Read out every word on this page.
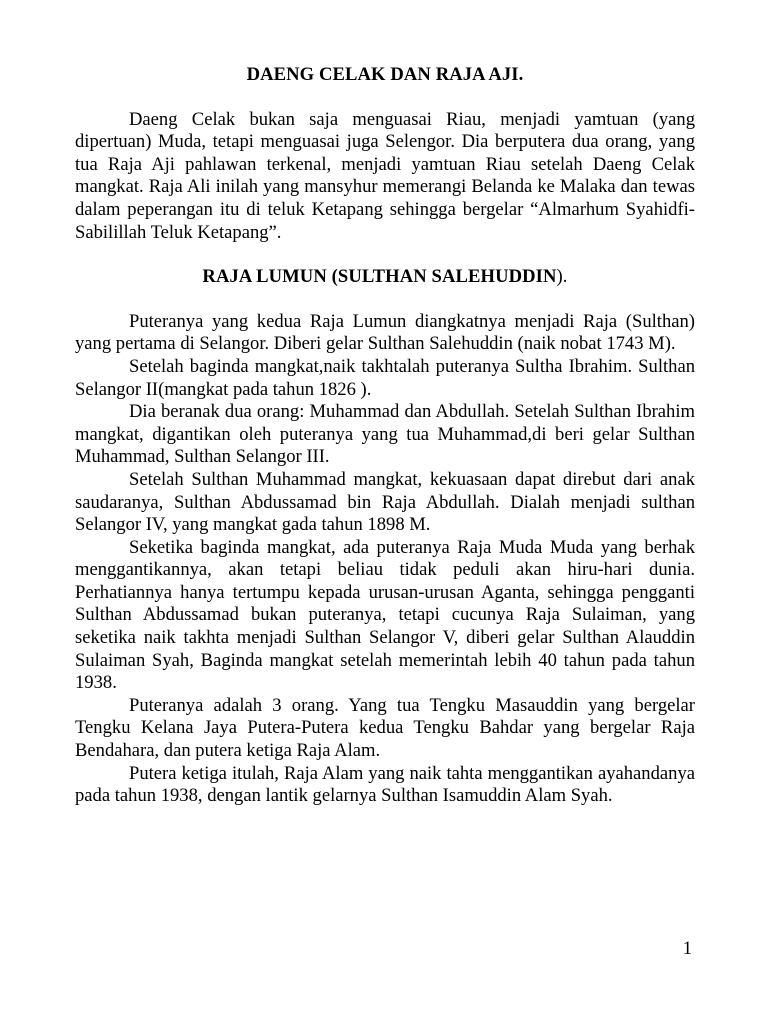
DAENG CELAK DAN RAJA AJI.

Daeng Celak bukan saja menguasai Riau, menjadi yamtuan (yang dipertuan) Muda, tetapi menguasai juga Selengor. Dia berputera dua orang, yang tua Raja Aji pahlawan terkenal, menjadi yamtuan Riau setelah Daeng Celak mangkat. Raja Ali inilah yang mansyhur memerangi Belanda ke Malaka dan tewas dalam peperangan itu di teluk Ketapang sehingga bergelar “Almarhum Syahidfi-Sabilillah Teluk Ketapang”.

RAJA LUMUN (SULTHAN SALEHUDDIN).

Puteranya yang kedua Raja Lumun diangkatnya menjadi Raja (Sulthan) yang pertama di Selangor. Diberi gelar Sulthan Salehuddin (naik nobat 1743 M).

Setelah baginda mangkat,naik takhtalah puteranya Sultha Ibrahim. Sulthan Selangor II(mangkat pada tahun 1826 ).

Dia beranak dua orang: Muhammad dan Abdullah. Setelah Sulthan Ibrahim mangkat, digantikan oleh puteranya yang tua Muhammad,di beri gelar Sulthan Muhammad, Sulthan Selangor III.

Setelah Sulthan Muhammad mangkat, kekuasaan dapat direbut dari anak saudaranya, Sulthan Abdussamad bin Raja Abdullah. Dialah menjadi sulthan Selangor IV, yang mangkat gada tahun 1898 M.

Seketika baginda mangkat, ada puteranya Raja Muda Muda yang berhak menggantikannya, akan tetapi beliau tidak peduli akan hiru-hari dunia. Perhatiannya hanya tertumpu kepada urusan-urusan Aganta, sehingga pengganti Sulthan Abdussamad bukan puteranya, tetapi cucunya Raja Sulaiman, yang seketika naik takhta menjadi Sulthan Selangor V, diberi gelar Sulthan Alauddin Sulaiman Syah, Baginda mangkat setelah memerintah lebih 40 tahun pada tahun 1938.

Puteranya adalah 3 orang. Yang tua Tengku Masauddin yang bergelar Tengku Kelana Jaya Putera-Putera kedua Tengku Bahdar yang bergelar Raja Bendahara, dan putera ketiga Raja Alam.

Putera ketiga itulah, Raja Alam yang naik tahta menggantikan ayahandanya pada tahun 1938, dengan lantik gelarnya Sulthan Isamuddin Alam Syah.

1
